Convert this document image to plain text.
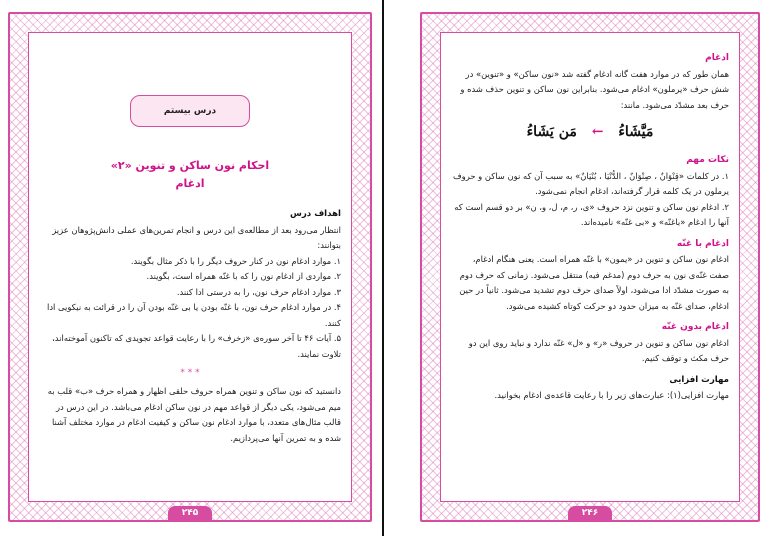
درس بیستم
احکام نون ساکن و تنوین «۲»
ادغام

اهداف درس

انتظار می‌رود بعد از مطالعه‌ی این درس و انجام تمرین‌های عملی دانش‌پژوهان عزیز بتوانند:

۱. موارد ادغام نون در کنار حروف دیگر را با ذکر مثال بگویند.

۲. مواردی از ادغام نون را که با غنّه همراه است، بگویند.

۳. موارد ادغام حرف نون، را به درستی ادا کنند.

۴. در موارد ادغام حرف نون، با غنّه بودن یا بی غنّه بودن آن را در قرائت به نیکویی ادا کنند.

۵. آیات ۴۶ تا آخر سوره‌ی «زخرف» را با رعایت قواعد تجویدی که تاکنون آموخته‌اند، تلاوت نمایند.

* * *

دانستید که نون ساکن و تنوین همراه حروف حلقی اظهار و همراه حرف «ب» قلب به میم می‌شود، یکی دیگر از قواعد مهم در نون ساکن ادغام می‌باشد. در این درس در قالب مثال‌های متعدد، با موارد ادغام نون ساکن و کیفیت ادغام در موارد مختلف آشنا شده و به تمرین آنها می‌پردازیم.

۲۴۵

ادغام

همان طور که در موارد هفت گانه ادغام گفته شد «نون ساکن» و «تنوین» در شش حرف «یرملون» ادغام می‌شود. بنابراین نون ساکن و تنوین حذف شده و حرف بعد مشدّد می‌شود. مانند:

مَيَّشَاءُ ← مَن يَشَاءُ

نکات مهم

۱. در کلمات «قِنْوَانٌ ، صِنْوَانٌ ، الدُّنْيَا ، بُنْيَانٌ» به سبب آن که نون ساکن و حروف یرملون در یک کلمه قرار گرفته‌اند، ادغام انجام نمی‌شود.

۲. ادغام نون ساکن و تنوین نزد حروف «ی، ر، م، ل، و، ن» بر دو قسم است که آنها را ادغام «باغنّه» و «بی غنّه» نامیده‌اند.

ادغام با غنّه

ادغام نون ساکن و تنوین در «یمون» با غنّه همراه است. یعنی هنگام ادغام، صفت غنّه‌ی نون به حرف دوم (مدغم فیه) منتقل می‌شود. زمانی که حرف دوم به صورت مشدّد ادا می‌شود، اولاً صدای حرف دوم تشدید می‌شود. ثانیاً در حین ادغام، صدای غنّه به میزان حدود دو حرکت کوتاه کشیده می‌شود.

ادغام بدون غنّه

ادغام نون ساکن و تنوین در حروف «ر» و «ل» غنّه ندارد و نباید روی این دو حرف مکث و توقف کنیم.

مهارت افزایی

مهارت افزایی(۱): عبارت‌های زیر را با رعایت قاعده‌ی ادغام بخوانید.

۲۴۶
